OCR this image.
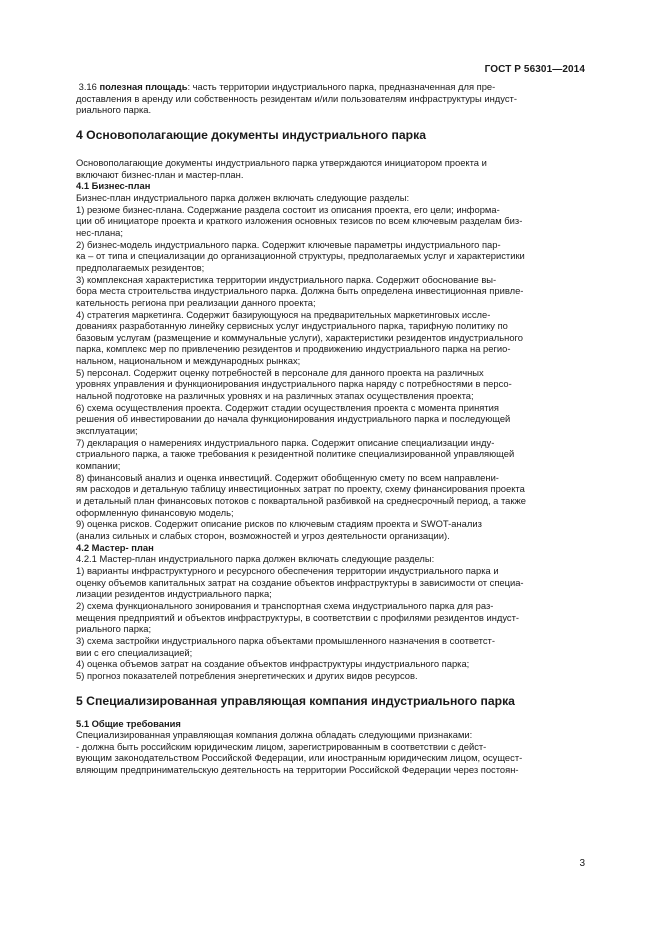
ГОСТ Р 56301—2014
3.16 полезная площадь: часть территории индустриального парка, предназначенная для пре-
доставления в аренду или собственность резидентам и/или пользователям инфраструктуры индуст-
риального парка.
4 Основополагающие документы индустриального парка
Основополагающие документы индустриального парка утверждаются инициатором проекта и
включают бизнес-план и мастер-план.
4.1 Бизнес-план
Бизнес-план индустриального парка должен включать следующие разделы:
1) резюме бизнес-плана. Содержание раздела состоит из описания проекта, его цели; информа-
ции об инициаторе проекта и краткого изложения основных тезисов по всем ключевым разделам биз-
нес-плана;
2) бизнес-модель индустриального парка. Содержит ключевые параметры индустриального пар-
ка – от типа и специализации до организационной структуры, предполагаемых услуг и характеристики
предполагаемых резидентов;
3) комплексная характеристика территории индустриального парка. Содержит обоснование вы-
бора места строительства индустриального парка. Должна быть определена инвестиционная привле-
кательность региона при реализации данного проекта;
4) стратегия маркетинга. Содержит базирующуюся на предварительных маркетинговых иссле-
дованиях разработанную линейку сервисных услуг индустриального парка, тарифную политику по
базовым услугам (размещение и коммунальные услуги), характеристики резидентов индустриального
парка, комплекс мер по привлечению резидентов и продвижению индустриального парка на регио-
нальном, национальном и международных рынках;
5) персонал. Содержит оценку потребностей в персонале для данного проекта на различных
уровнях управления и функционирования индустриального парка наряду с потребностями в персо-
нальной подготовке на различных уровнях и на различных этапах осуществления проекта;
6) схема осуществления проекта. Содержит стадии осуществления проекта с момента принятия
решения об инвестировании до начала функционирования индустриального парка и последующей
эксплуатации;
7) декларация о намерениях индустриального парка. Содержит описание специализации инду-
стриального парка, а также требования к резидентной политике специализированной управляющей
компании;
8) финансовый анализ и оценка инвестиций. Содержит обобщенную смету по всем направлени-
ям расходов и детальную таблицу инвестиционных затрат по проекту, схему финансирования проекта
и детальный план финансовых потоков с поквартальной разбивкой на среднесрочный период, а также
оформленную финансовую модель;
9) оценка рисков. Содержит описание рисков по ключевым стадиям проекта и SWOT-анализ
(анализ сильных и слабых сторон, возможностей и угроз деятельности организации).
4.2 Мастер- план
4.2.1 Мастер-план индустриального парка должен включать следующие разделы:
1) варианты инфраструктурного и ресурсного обеспечения территории индустриального парка и
оценку объемов капитальных затрат на создание объектов инфраструктуры в зависимости от специа-
лизации резидентов индустриального парка;
2) схема функционального зонирования и транспортная схема индустриального парка для раз-
мещения предприятий и объектов инфраструктуры, в соответствии с профилями резидентов индуст-
риального парка;
3) схема застройки индустриального парка объектами промышленного назначения в соответст-
вии с его специализацией;
4) оценка объемов затрат на создание объектов инфраструктуры индустриального парка;
5) прогноз показателей потребления энергетических и других видов ресурсов.
5 Специализированная управляющая компания индустриального парка
5.1 Общие требования
Специализированная управляющая компания должна обладать следующими признаками:
- должна быть российским юридическим лицом, зарегистрированным в соответствии с дейст-
вующим законодательством Российской Федерации, или иностранным юридическим лицом, осущест-
вляющим предпринимательскую деятельность на территории Российской Федерации через постоян-
3
